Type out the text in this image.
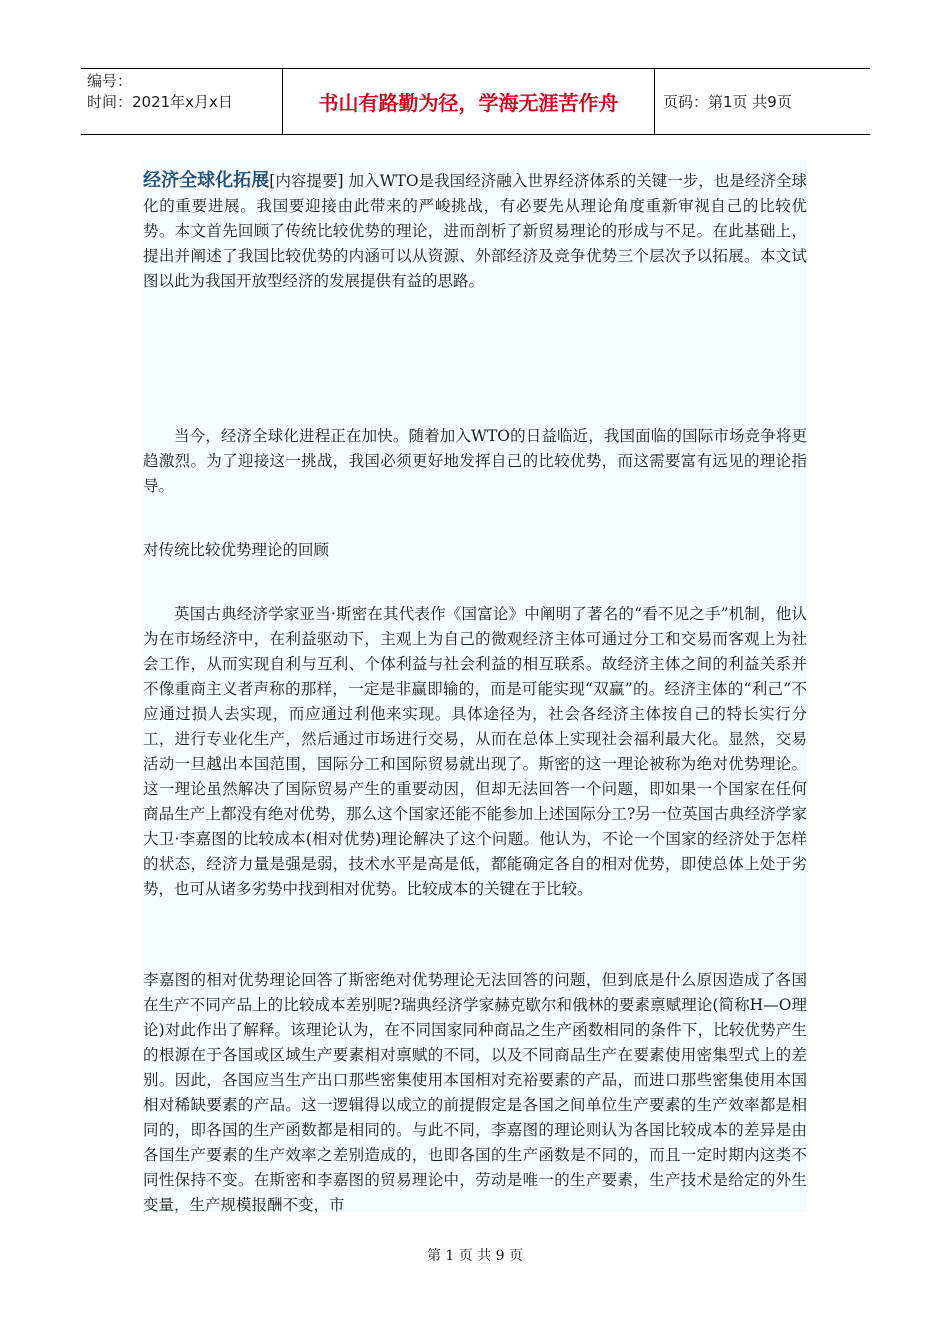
编号：
时间：2021年x月x日	书山有路勤为径，学海无涯苦作舟	页码：第1页 共9页

经济全球化拓展[内容提要] 加入WTO是我国经济融入世界经济体系的关键一步，也是经济全球化的重要进展。我国要迎接由此带来的严峻挑战，有必要先从理论角度重新审视自己的比较优势。本文首先回顾了传统比较优势的理论，进而剖析了新贸易理论的形成与不足。在此基础上，提出并阐述了我国比较优势的内涵可以从资源、外部经济及竞争优势三个层次予以拓展。本文试图以此为我国开放型经济的发展提供有益的思路。

当今，经济全球化进程正在加快。随着加入WTO的日益临近，我国面临的国际市场竞争将更趋激烈。为了迎接这一挑战，我国必须更好地发挥自己的比较优势，而这需要富有远见的理论指导。

对传统比较优势理论的回顾

英国古典经济学家亚当·斯密在其代表作《国富论》中阐明了著名的“看不见之手”机制，他认为在市场经济中，在利益驱动下，主观上为自己的微观经济主体可通过分工和交易而客观上为社会工作，从而实现自利与互利、个体利益与社会利益的相互联系。故经济主体之间的利益关系并不像重商主义者声称的那样，一定是非赢即输的，而是可能实现“双赢”的。经济主体的“利己”不应通过损人去实现，而应通过利他来实现。具体途径为，社会各经济主体按自己的特长实行分工，进行专业化生产，然后通过市场进行交易，从而在总体上实现社会福利最大化。显然，交易活动一旦越出本国范围，国际分工和国际贸易就出现了。斯密的这一理论被称为绝对优势理论。这一理论虽然解决了国际贸易产生的重要动因，但却无法回答一个问题，即如果一个国家在任何商品生产上都没有绝对优势，那么这个国家还能不能参加上述国际分工?另一位英国古典经济学家大卫·李嘉图的比较成本(相对优势)理论解决了这个问题。他认为，不论一个国家的经济处于怎样的状态，经济力量是强是弱，技术水平是高是低，都能确定各自的相对优势，即使总体上处于劣势，也可从诸多劣势中找到相对优势。比较成本的关键在于比较。

李嘉图的相对优势理论回答了斯密绝对优势理论无法回答的问题，但到底是什么原因造成了各国在生产不同产品上的比较成本差别呢?瑞典经济学家赫克歇尔和俄林的要素禀赋理论(简称H—O理论)对此作出了解释。该理论认为，在不同国家同种商品之生产函数相同的条件下，比较优势产生的根源在于各国或区域生产要素相对禀赋的不同，以及不同商品生产在要素使用密集型式上的差别。因此，各国应当生产出口那些密集使用本国相对充裕要素的产品，而进口那些密集使用本国相对稀缺要素的产品。这一逻辑得以成立的前提假定是各国之间单位生产要素的生产效率都是相同的，即各国的生产函数都是相同的。与此不同，李嘉图的理论则认为各国比较成本的差异是由各国生产要素的生产效率之差别造成的，也即各国的生产函数是不同的，而且一定时期内这类不同性保持不变。在斯密和李嘉图的贸易理论中，劳动是唯一的生产要素，生产技术是给定的外生变量，生产规模报酬不变，市

第 1 页 共 9 页
